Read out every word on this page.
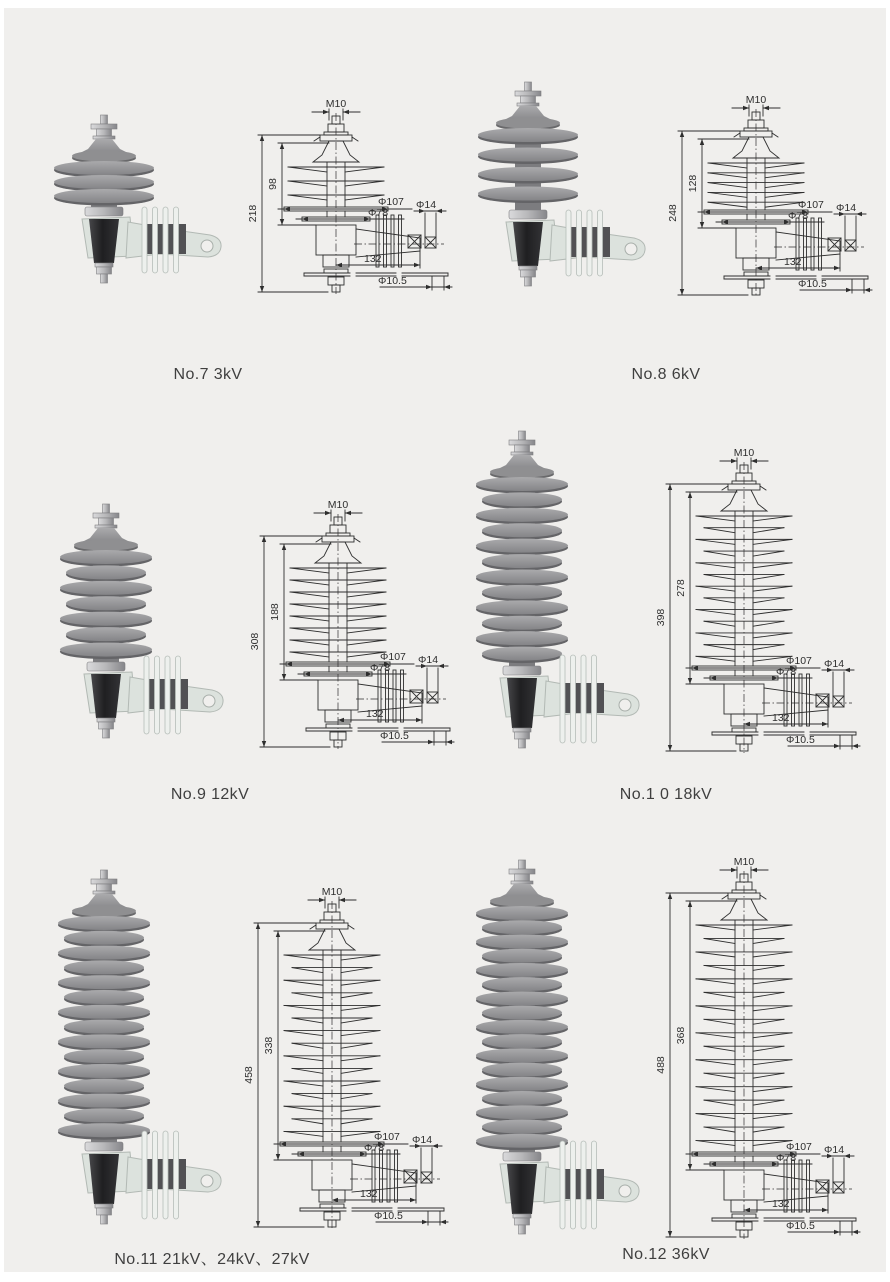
M10
218
98
Φ107
Φ78
Φ14
132
Φ10.5
M10
248
128
Φ107
Φ78
Φ14
132
Φ10.5
M10
308
188
Φ107
Φ78
Φ14
132
Φ10.5
M10
398
278
Φ107
Φ78
Φ14
132
Φ10.5
M10
458
338
Φ107
Φ78
Φ14
132
Φ10.5
M10
488
368
Φ107
Φ78
Φ14
132
Φ10.5
No.7 3kV	No.8 6kV
No.9 12kV	No.1 0 18kV
No.11 21kV、24kV、27kV	No.12 36kV
